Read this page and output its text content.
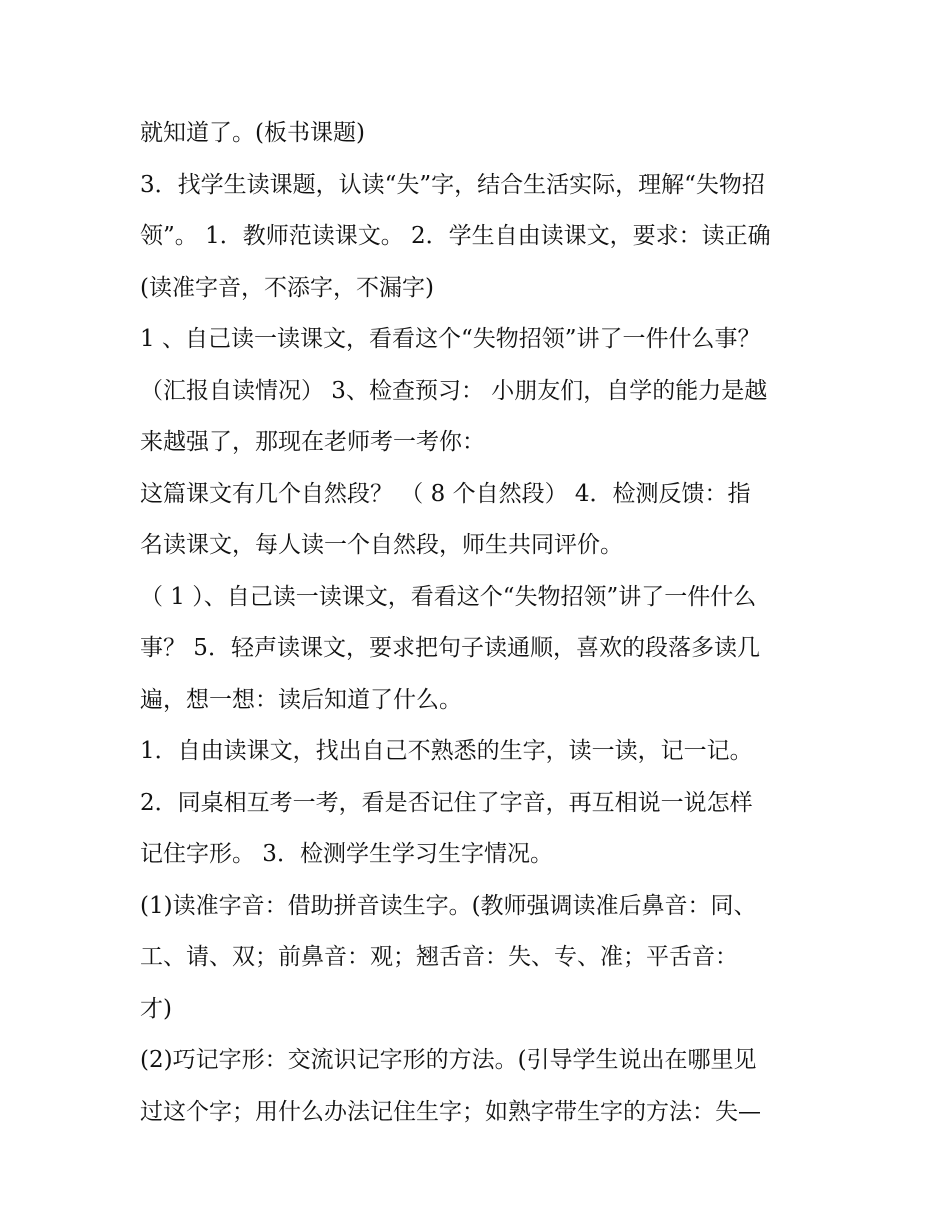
就知道了。(板书课题)
3．找学生读课题，认读“失”字，结合生活实际，理解“失物招
领”。 1．教师范读课文。 2．学生自由读课文，要求：读正确
(读准字音，不添字，不漏字)
1 、自己读一读课文，看看这个“失物招领”讲了一件什么事？
（汇报自读情况） 3、检查预习： 小朋友们，自学的能力是越
来越强了，那现在老师考一考你：
这篇课文有几个自然段？ （ 8 个自然段） 4．检测反馈：指
名读课文，每人读一个自然段，师生共同评价。
（ 1 ）、自己读一读课文，看看这个“失物招领”讲了一件什么
事？ 5．轻声读课文，要求把句子读通顺，喜欢的段落多读几
遍，想一想：读后知道了什么。
1．自由读课文，找出自己不熟悉的生字，读一读，记一记。
2．同桌相互考一考，看是否记住了字音，再互相说一说怎样
记住字形。 3．检测学生学习生字情况。
(1)读准字音：借助拼音读生字。(教师强调读准后鼻音：同、
工、请、双；前鼻音：观；翘舌音：失、专、准；平舌音：
才)
(2)巧记字形：交流识记字形的方法。(引导学生说出在哪里见
过这个字；用什么办法记住生字；如熟字带生字的方法：失—
